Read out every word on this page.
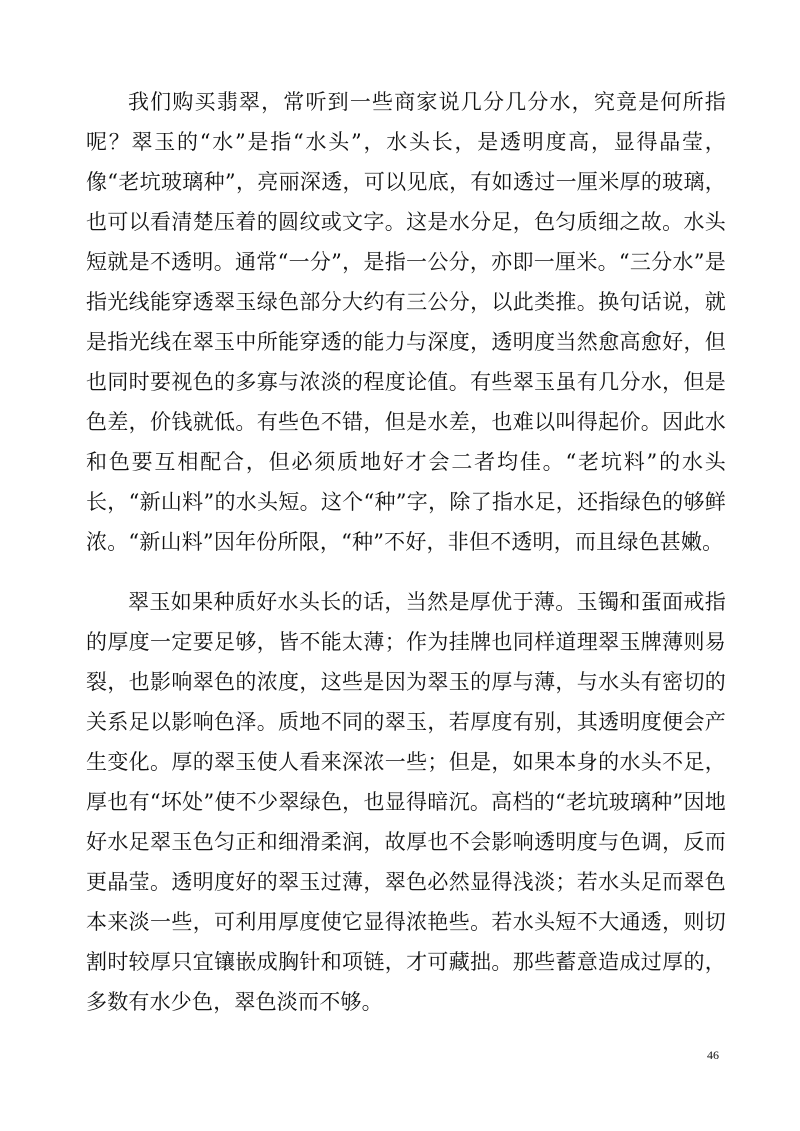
我们购买翡翠，常听到一些商家说几分几分水，究竟是何所指呢？翠玉的“水”是指“水头”，水头长，是透明度高，显得晶莹，像“老坑玻璃种”，亮丽深透，可以见底，有如透过一厘米厚的玻璃，也可以看清楚压着的圆纹或文字。这是水分足，色匀质细之故。水头短就是不透明。通常“一分”，是指一公分，亦即一厘米。“三分水”是指光线能穿透翠玉绿色部分大约有三公分，以此类推。换句话说，就是指光线在翠玉中所能穿透的能力与深度，透明度当然愈高愈好，但也同时要视色的多寡与浓淡的程度论值。有些翠玉虽有几分水，但是色差，价钱就低。有些色不错，但是水差，也难以叫得起价。因此水和色要互相配合，但必须质地好才会二者均佳。“老坑料”的水头长，“新山料”的水头短。这个“种”字，除了指水足，还指绿色的够鲜浓。“新山料”因年份所限，“种”不好，非但不透明，而且绿色甚嫩。

翠玉如果种质好水头长的话，当然是厚优于薄。玉镯和蛋面戒指的厚度一定要足够，皆不能太薄；作为挂牌也同样道理翠玉牌薄则易裂，也影响翠色的浓度，这些是因为翠玉的厚与薄，与水头有密切的关系足以影响色泽。质地不同的翠玉，若厚度有别，其透明度便会产生变化。厚的翠玉使人看来深浓一些；但是，如果本身的水头不足，厚也有“坏处”使不少翠绿色，也显得暗沉。高档的“老坑玻璃种”因地好水足翠玉色匀正和细滑柔润，故厚也不会影响透明度与色调，反而更晶莹。透明度好的翠玉过薄，翠色必然显得浅淡；若水头足而翠色本来淡一些，可利用厚度使它显得浓艳些。若水头短不大通透，则切割时较厚只宜镶嵌成胸针和项链，才可藏拙。那些蓄意造成过厚的，多数有水少色，翠色淡而不够。

46
